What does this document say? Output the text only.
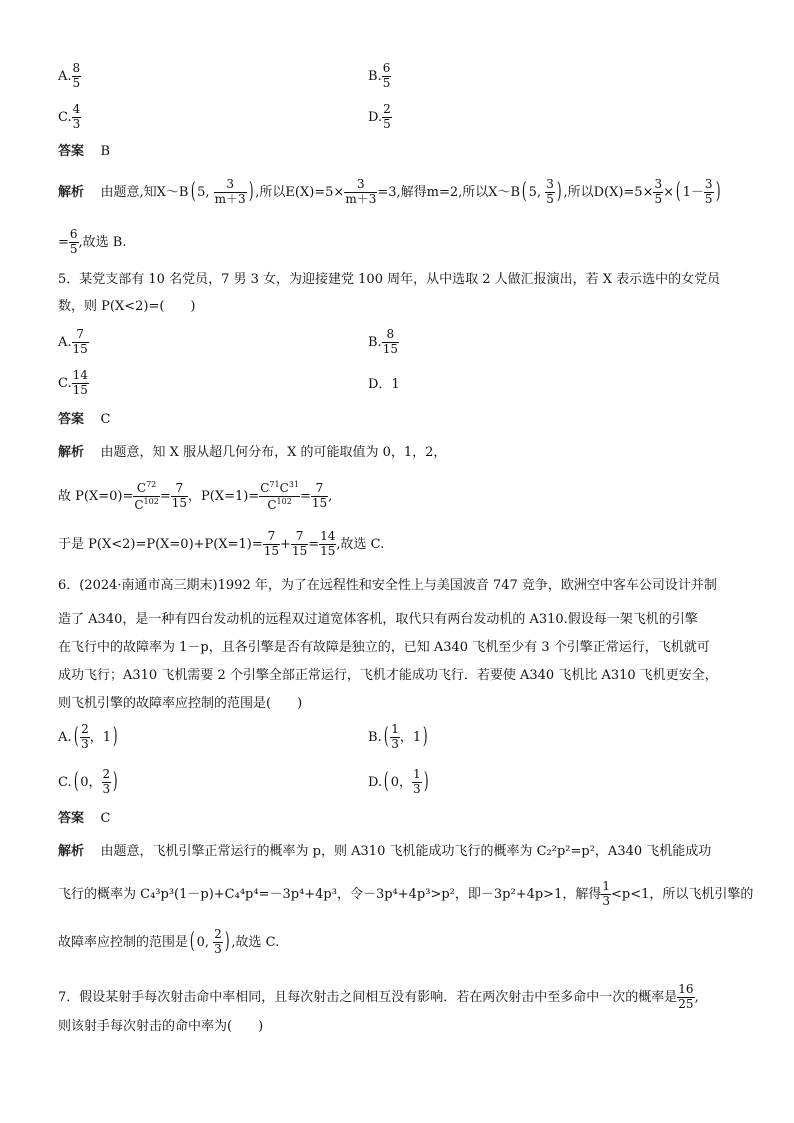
A. $\frac{8}{5}$	B. $\frac{6}{5}$
C. $\frac{4}{3}$	D. $\frac{2}{5}$
答案 B
解析 由题意,知X～B( 5, $\frac{3}{m+3}$ ) ,所以$E(X)=5\times \frac{3}{m+3} =3$,解得m=2,所以X～B( 5, $\frac{3}{5}$ ) ,所以$D(X)=5\times \frac{3}{5}$ ×( $1- \frac{3}{5}$ )
= $\frac{6}{5}$ ,故选 B.
5．某党支部有 10 名党员，7 男 3 女，为迎接建党 100 周年，从中选取 2 人做汇报演出，若 X 表示选中的女党员
数，则 P(X<2)=(　　)
A. $\frac{7}{15}$	B. $\frac{8}{15}$
C. $\frac{14}{15}$	D．1
答案 C
解析 由题意，知 X 服从超几何分布，X 的可能取值为 0，1，2，
故 $P(X=0)= \frac{C^{72}}{C^{102}} = \frac{7}{15}$ ，$P(X=1)= \frac{C^{71}C^{31}}{C^{102}} = \frac{7}{15}$ ,
于是 $P(X<2)=P(X=0)+P(X=1)= \frac{7}{15} + \frac{7}{15} = \frac{14}{15}$ ,故选 C.
6．(2024·南通市高三期末)1992 年，为了在远程性和安全性上与美国波音 747 竞争，欧洲空中客车公司设计并制
造了 A340，是一种有四台发动机的远程双过道宽体客机，取代只有两台发动机的 A310.假设每一架飞机的引擎
在飞行中的故障率为 1－p，且各引擎是否有故障是独立的，已知 A340 飞机至少有 3 个引擎正常运行，飞机就可
成功飞行；A310 飞机需要 2 个引擎全部正常运行，飞机才能成功飞行．若要使 A340 飞机比 A310 飞机更安全，
则飞机引擎的故障率应控制的范围是(　　)
$A.( \frac{2}{3}$ ，1)	$B.( \frac{1}{3}$ ，1)
C.( 0， $\frac{2}{3}$ )	D.( 0， $\frac{1}{3}$ )
答案 C
解析 由题意，飞机引擎正常运行的概率为 p，则 A310 飞机能成功飞行的概率为 C₂²p²=p²，A340 飞机能成功
飞行的概率为 C₄³p³(1－p)+C₄⁴p⁴=－3p⁴+4p³，令－3p⁴+4p³>p²，即－3p²+4p>1，解得 $\frac{1}{3} <p<1$，所以飞机引擎的
故障率应控制的范围是( 0, $\frac{2}{3}$ ) ,故选 C.
7．假设某射手每次射击命中率相同，且每次射击之间相互没有影响．若在两次射击中至多命中一次的概率是 $\frac{16}{25}$ ,
则该射手每次射击的命中率为(　　)
